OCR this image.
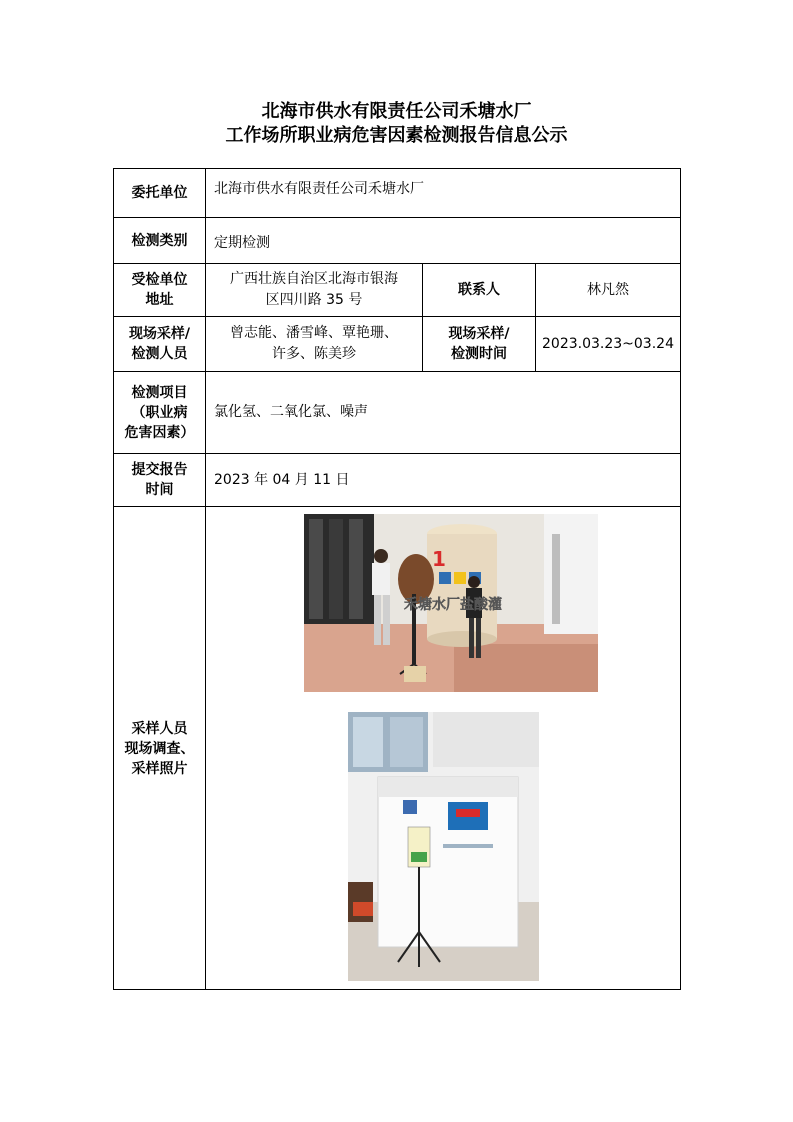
北海市供水有限责任公司禾塘水厂
工作场所职业病危害因素检测报告信息公示
委托单位 北海市供水有限责任公司禾塘水厂
检测类别 定期检测
受检单位
地址
广西壮族自治区北海市银海
区四川路 35 号
联系人	林凡然
现场采样/
检测人员
曾志能、潘雪峰、覃艳珊、
许多、陈美珍
现场采样/
检测时间
2023.03.23~03.24
检测项目
（职业病
危害因素）
氯化氢、二氧化氯、噪声
提交报告
时间
2023 年 04 月 11 日
采样人员
现场调查、
采样照片
1
禾塘水厂盐酸灌
